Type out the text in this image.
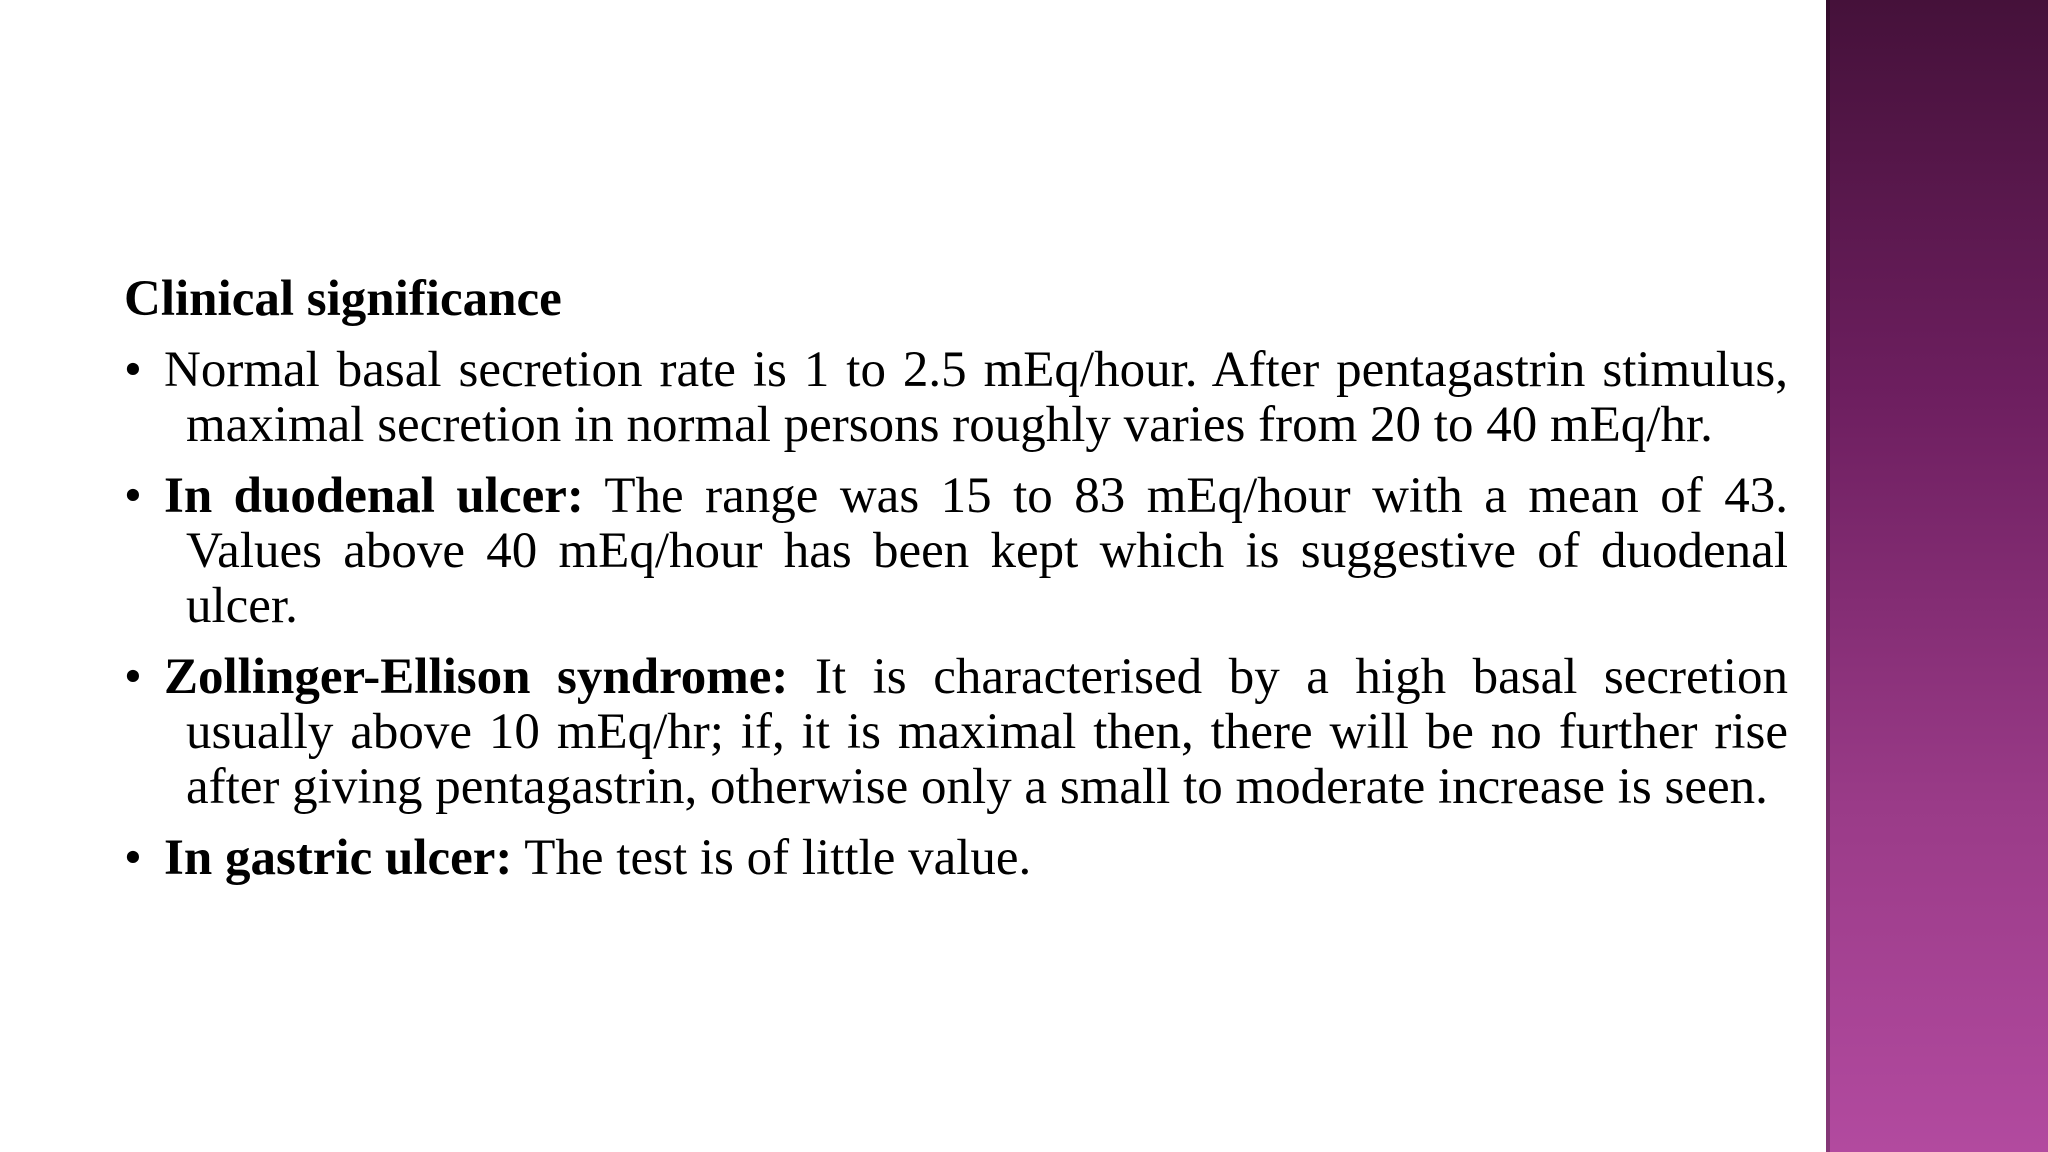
Clinical significance
• Normal basal secretion rate is 1 to 2.5 mEq/hour. After pentagastrin stimulus, maximal secretion in normal persons roughly varies from 20 to 40 mEq/hr.
• In duodenal ulcer: The range was 15 to 83 mEq/hour with a mean of 43. Values above 40 mEq/hour has been kept which is suggestive of duodenal ulcer.
• Zollinger-Ellison syndrome: It is characterised by a high basal secretion usually above 10 mEq/hr; if, it is maximal then, there will be no further rise after giving pentagastrin, otherwise only a small to moderate increase is seen.
• In gastric ulcer: The test is of little value.
